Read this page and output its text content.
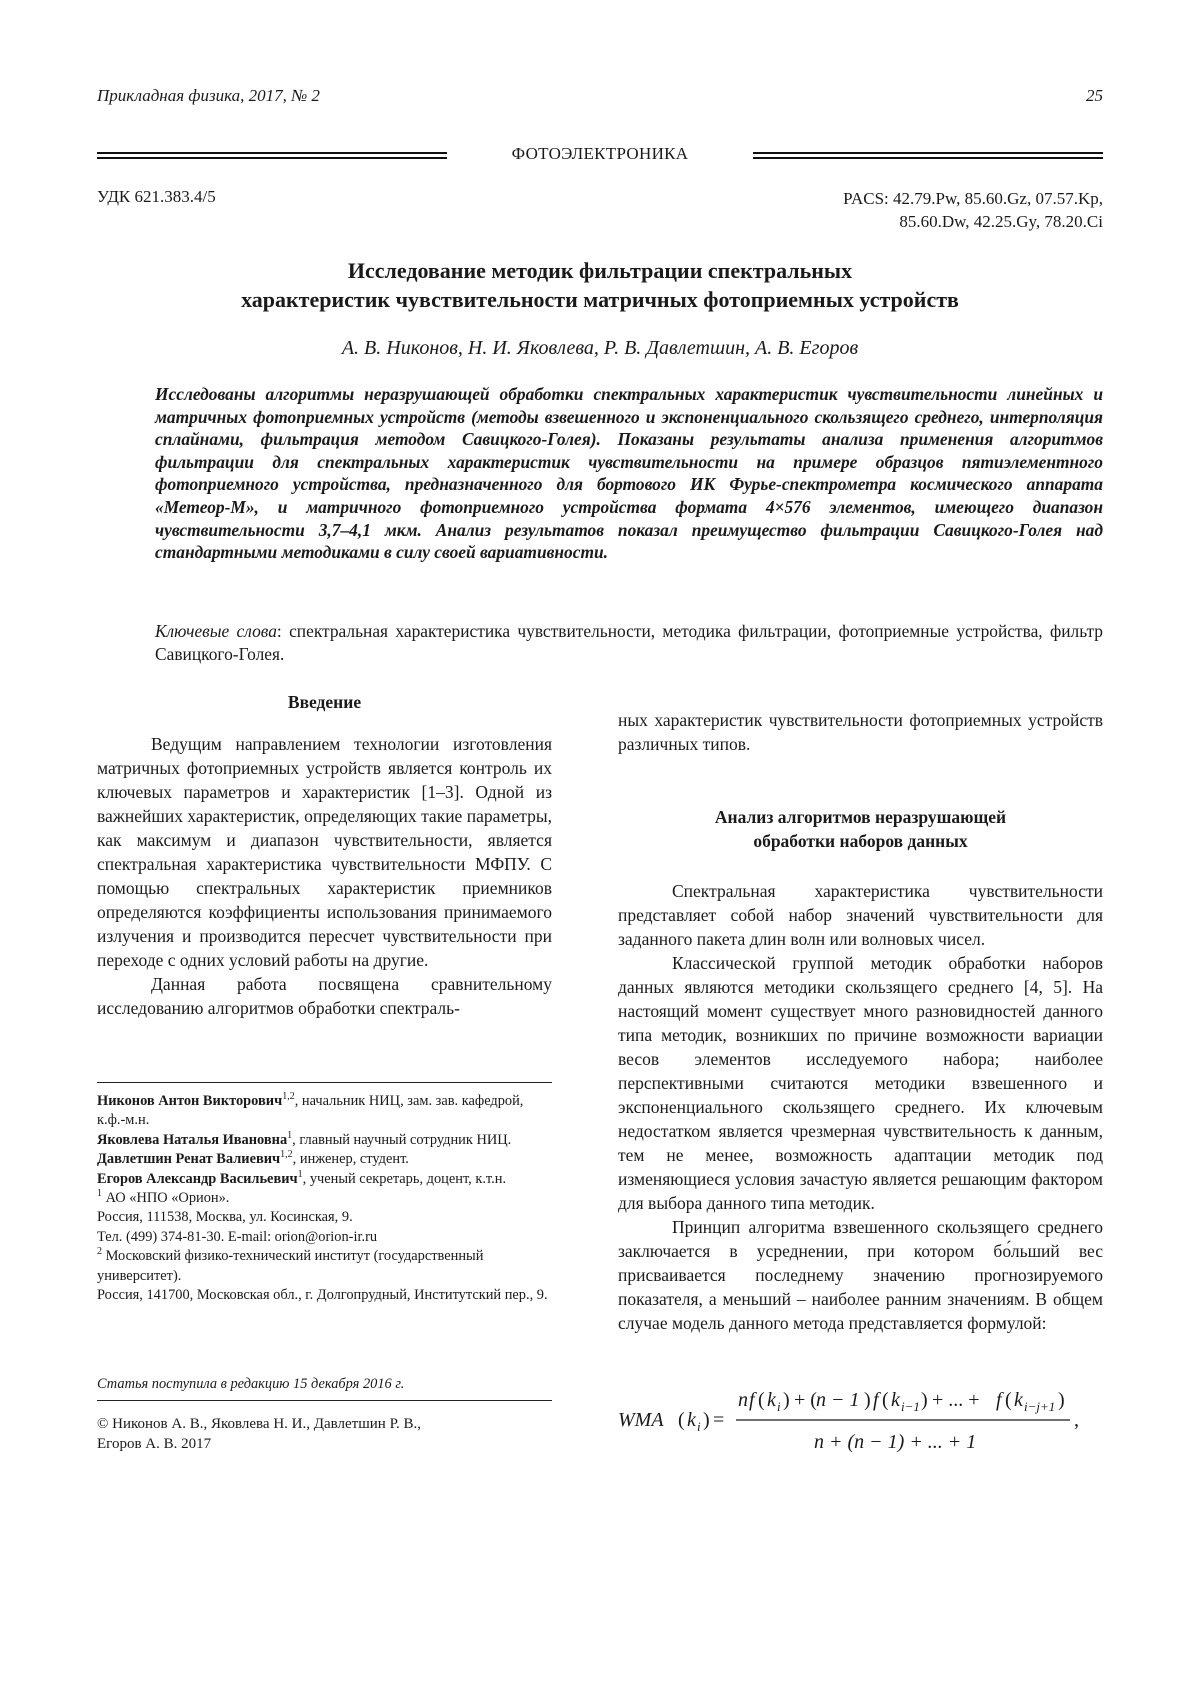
Прикладная физика, 2017, № 2	25
ФОТОЭЛЕКТРОНИКА
УДК 621.383.4/5	PACS: 42.79.Pw, 85.60.Gz, 07.57.Kp,
85.60.Dw, 42.25.Gy, 78.20.Ci
Исследование методик фильтрации спектральных
характеристик чувствительности матричных фотоприемных устройств
А. В. Никонов, Н. И. Яковлева, Р. В. Давлетшин, А. В. Егоров

Исследованы алгоритмы неразрушающей обработки спектральных характеристик чувствительности линейных и матричных фотоприемных устройств (методы взвешенного и экспоненциального скользящего среднего, интерполяция сплайнами, фильтрация методом Савицкого-Голея). Показаны результаты анализа применения алгоритмов фильтрации для спектральных характеристик чувствительности на примере образцов пятиэлементного фотоприемного устройства, предназначенного для бортового ИК Фурье-спектрометра космического аппарата «Метеор-М», и матричного фотоприемного устройства формата 4×576 элементов, имеющего диапазон чувствительности 3,7–4,1 мкм. Анализ результатов показал преимущество фильтрации Савицкого-Голея над стандартными методиками в силу своей вариативности.

Ключевые слова: спектральная характеристика чувствительности, методика фильтрации, фотоприемные устройства, фильтр Савицкого-Голея.

Введение

Ведущим направлением технологии изготовления матричных фотоприемных устройств является контроль их ключевых параметров и характеристик [1–3]. Одной из важнейших характеристик, определяющих такие параметры, как максимум и диапазон чувствительности, является спектральная характеристика чувствительности МФПУ. С помощью спектральных характеристик приемников определяются коэффициенты использования принимаемого излучения и производится пересчет чувствительности при переходе с одних условий работы на другие.

Данная работа посвящена сравнительному исследованию алгоритмов обработки спектраль-

Никонов Антон Викторович$^{1,2}$, начальник НИЦ, зам. зав. кафедрой, к.ф.-м.н.

Яковлева Наталья Ивановна$^1$, главный научный сотрудник НИЦ.

Давлетшин Ренат Валиевич$^{1,2}$, инженер, студент.

Егоров Александр Васильевич$^1$, ученый секретарь, доцент, к.т.н.

$^1$ АО «НПО «Орион».

Россия, 111538, Москва, ул. Косинская, 9.

Тел. (499) 374-81-30. E-mail: orion@orion-ir.ru

$^2$ Московский физико-технический институт (государственный университет).

Россия, 141700, Московская обл., г. Долгопрудный, Институтский пер., 9.

Статья поступила в редакцию 15 декабря 2016 г.
© Никонов А. В., Яковлева Н. И., Давлетшин Р. В.,
Егоров А. В. 2017

ных характеристик чувствительности фотоприемных устройств различных типов.

Анализ алгоритмов неразрушающей

обработки наборов данных

Спектральная характеристика чувствительности представляет собой набор значений чувствительности для заданного пакета длин волн или волновых чисел.

Классической группой методик обработки наборов данных являются методики скользящего среднего [4, 5]. На настоящий момент существует много разновидностей данного типа методик, возникших по причине возможности вариации весов элементов исследуемого набора; наиболее перспективными считаются методики взвешенного и экспоненциального скользящего среднего. Их ключевым недостатком является чрезмерная чувствительность к данным, тем не менее, возможность адаптации методик под изменяющиеся условия зачастую является решающим фактором для выбора данного типа методик.

Принцип алгоритма взвешенного скользящего среднего заключается в усреднении, при котором бо́льший вес присваивается последнему значению прогнозируемого показателя, а меньший – наиболее ранним значениям. В общем случае модель данного метода представляется формулой:

WMA ( k i ) =
n f ( k i ) + ( n − 1 ) f ( k i−1 ) + ... + f ( k i−j+1 )
n + (n − 1) + ... + 1
,
